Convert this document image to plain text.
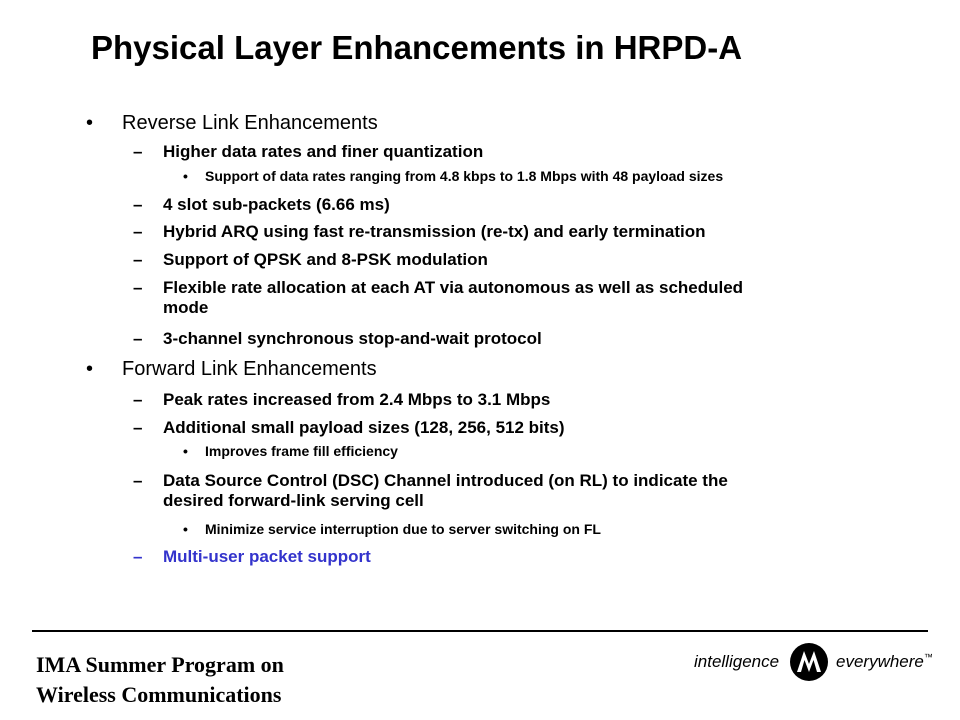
Physical Layer Enhancements in HRPD-A
• Reverse Link Enhancements
– Higher data rates and finer quantization
• Support of data rates ranging from 4.8 kbps to 1.8 Mbps with 48 payload sizes
– 4 slot sub-packets (6.66 ms)
– Hybrid ARQ using fast re-transmission (re-tx) and early termination
– Support of QPSK and 8-PSK modulation
– Flexible rate allocation at each AT via autonomous as well as scheduled
mode
– 3-channel synchronous stop-and-wait protocol
• Forward Link Enhancements
– Peak rates increased from 2.4 Mbps to 3.1 Mbps
– Additional small payload sizes (128, 256, 512 bits)
• Improves frame fill efficiency
– Data Source Control (DSC) Channel introduced (on RL) to indicate the
desired forward-link serving cell
• Minimize service interruption due to server switching on FL
– Multi-user packet support
IMA Summer Program on
Wireless Communications
intelligence	everywhere™
